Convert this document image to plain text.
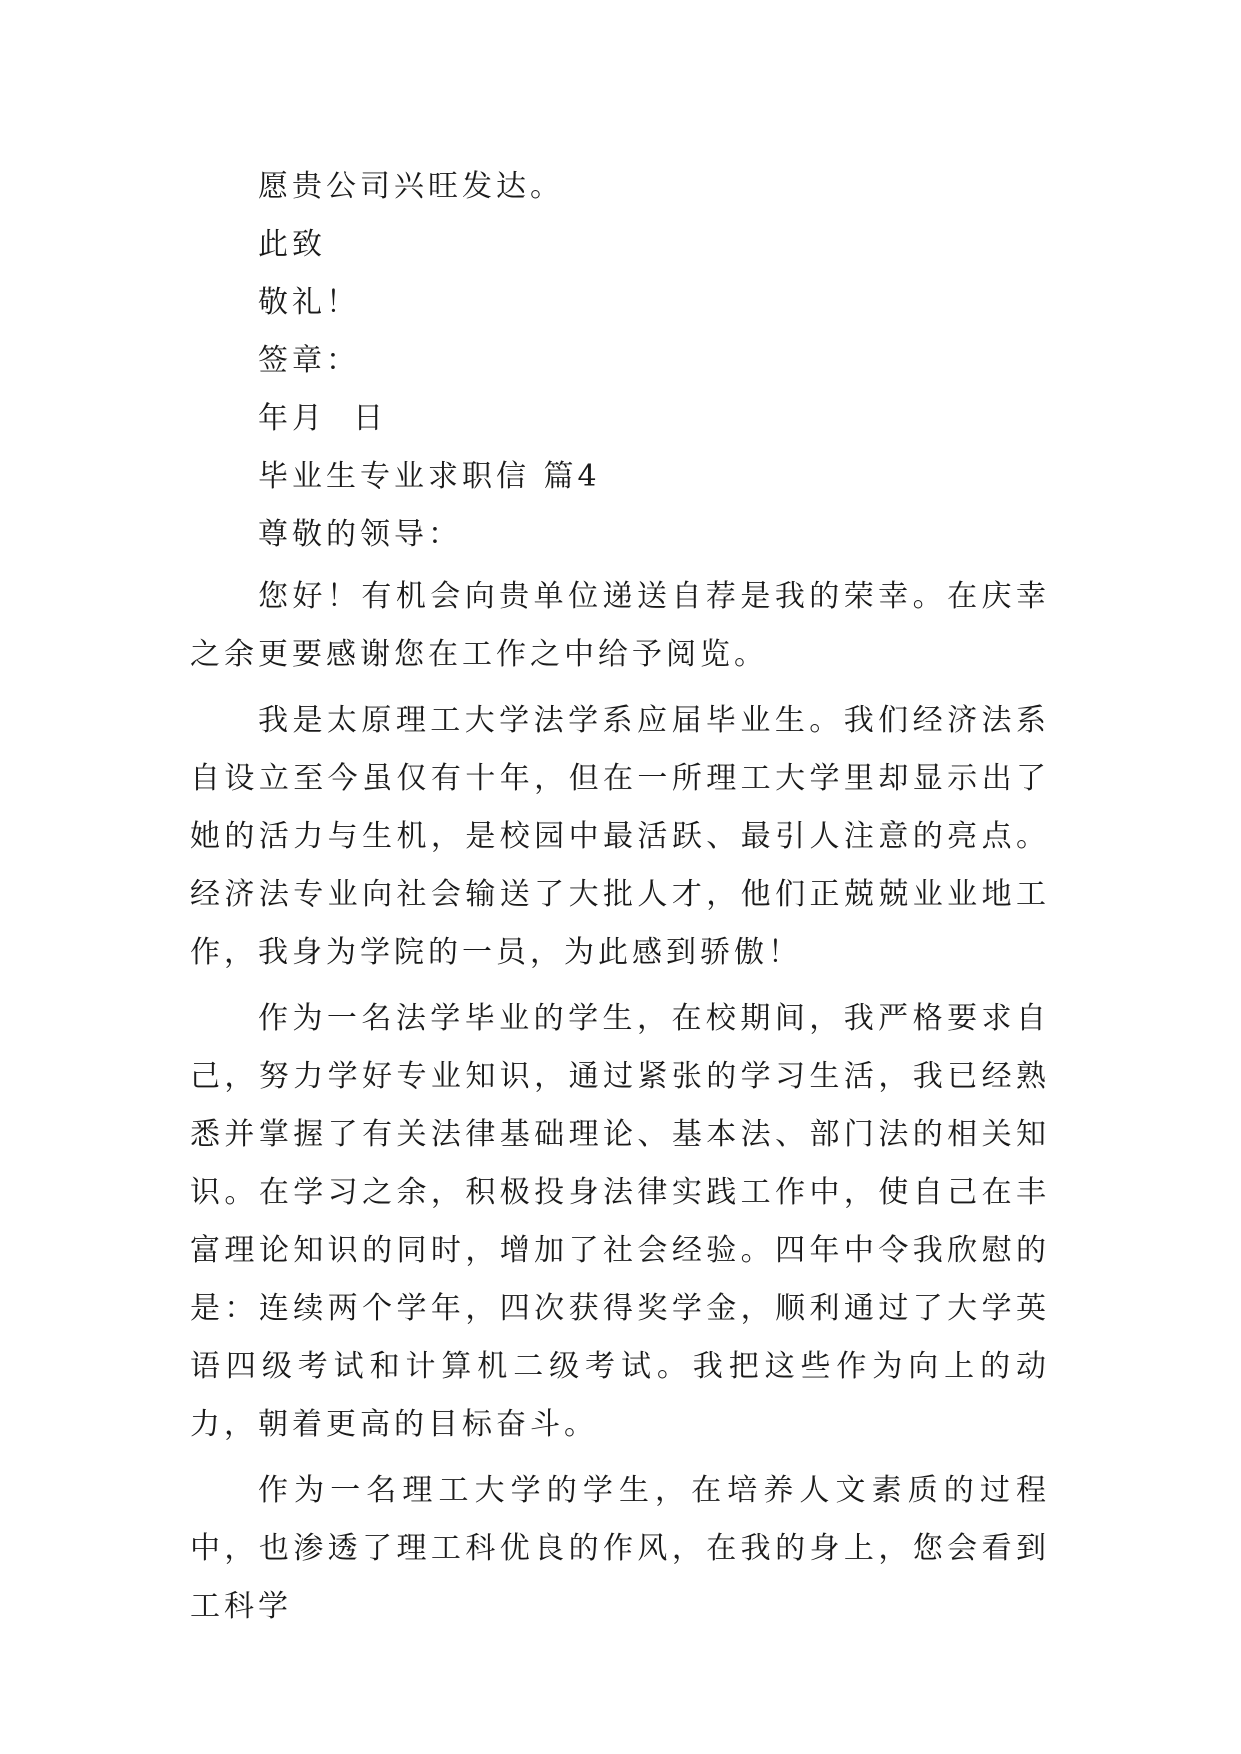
愿贵公司兴旺发达。
此致
敬礼！
签章：
年月  日
毕业生专业求职信 篇4
尊敬的领导：

您好！有机会向贵单位递送自荐是我的荣幸。在庆幸之余更要感谢您在工作之中给予阅览。

我是太原理工大学法学系应届毕业生。我们经济法系自设立至今虽仅有十年，但在一所理工大学里却显示出了她的活力与生机，是校园中最活跃、最引人注意的亮点。经济法专业向社会输送了大批人才，他们正兢兢业业地工作，我身为学院的一员，为此感到骄傲！

作为一名法学毕业的学生，在校期间，我严格要求自己，努力学好专业知识，通过紧张的学习生活，我已经熟悉并掌握了有关法律基础理论、基本法、部门法的相关知识。在学习之余，积极投身法律实践工作中，使自己在丰富理论知识的同时，增加了社会经验。四年中令我欣慰的是：连续两个学年，四次获得奖学金，顺利通过了大学英语四级考试和计算机二级考试。我把这些作为向上的动力，朝着更高的目标奋斗。

作为一名理工大学的学生，在培养人文素质的过程中，也渗透了理工科优良的作风，在我的身上，您会看到工科学
